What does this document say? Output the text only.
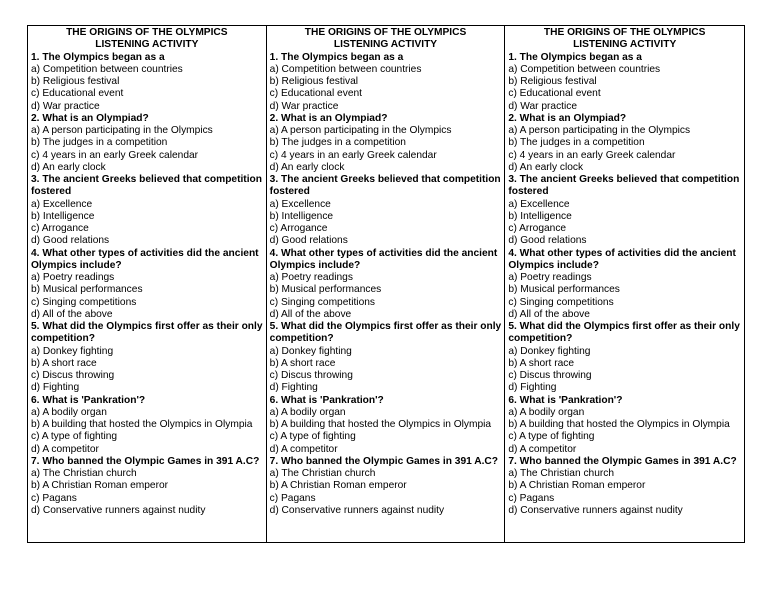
THE ORIGINS OF THE OLYMPICS
LISTENING ACTIVITY
1. The Olympics began as a
a) Competition between countries
b) Religious festival
c) Educational event
d) War practice
2. What is an Olympiad?
a) A person participating in the Olympics
b) The judges in a competition
c) 4 years in an early Greek calendar
d) An early clock
3. The ancient Greeks believed that competition fostered
a) Excellence
b) Intelligence
c) Arrogance
d) Good relations
4. What other types of activities did the ancient Olympics include?
a) Poetry readings
b) Musical performances
c) Singing competitions
d) All of the above
5. What did the Olympics first offer as their only competition?
a) Donkey fighting
b) A short race
c) Discus throwing
d) Fighting
6. What is 'Pankration'?
a) A bodily organ
b) A building that hosted the Olympics in Olympia
c) A type of fighting
d) A competitor
7. Who banned the Olympic Games in 391 A.C?
a) The Christian church
b) A Christian Roman emperor
c) Pagans
d) Conservative runners against nudity
THE ORIGINS OF THE OLYMPICS
LISTENING ACTIVITY
1. The Olympics began as a
a) Competition between countries
b) Religious festival
c) Educational event
d) War practice
2. What is an Olympiad?
a) A person participating in the Olympics
b) The judges in a competition
c) 4 years in an early Greek calendar
d) An early clock
3. The ancient Greeks believed that competition fostered
a) Excellence
b) Intelligence
c) Arrogance
d) Good relations
4. What other types of activities did the ancient Olympics include?
a) Poetry readings
b) Musical performances
c) Singing competitions
d) All of the above
5. What did the Olympics first offer as their only competition?
a) Donkey fighting
b) A short race
c) Discus throwing
d) Fighting
6. What is 'Pankration'?
a) A bodily organ
b) A building that hosted the Olympics in Olympia
c) A type of fighting
d) A competitor
7. Who banned the Olympic Games in 391 A.C?
a) The Christian church
b) A Christian Roman emperor
c) Pagans
d) Conservative runners against nudity
THE ORIGINS OF THE OLYMPICS
LISTENING ACTIVITY
1. The Olympics began as a
a) Competition between countries
b) Religious festival
c) Educational event
d) War practice
2. What is an Olympiad?
a) A person participating in the Olympics
b) The judges in a competition
c) 4 years in an early Greek calendar
d) An early clock
3. The ancient Greeks believed that competition fostered
a) Excellence
b) Intelligence
c) Arrogance
d) Good relations
4. What other types of activities did the ancient Olympics include?
a) Poetry readings
b) Musical performances
c) Singing competitions
d) All of the above
5. What did the Olympics first offer as their only competition?
a) Donkey fighting
b) A short race
c) Discus throwing
d) Fighting
6. What is 'Pankration'?
a) A bodily organ
b) A building that hosted the Olympics in Olympia
c) A type of fighting
d) A competitor
7. Who banned the Olympic Games in 391 A.C?
a) The Christian church
b) A Christian Roman emperor
c) Pagans
d) Conservative runners against nudity
